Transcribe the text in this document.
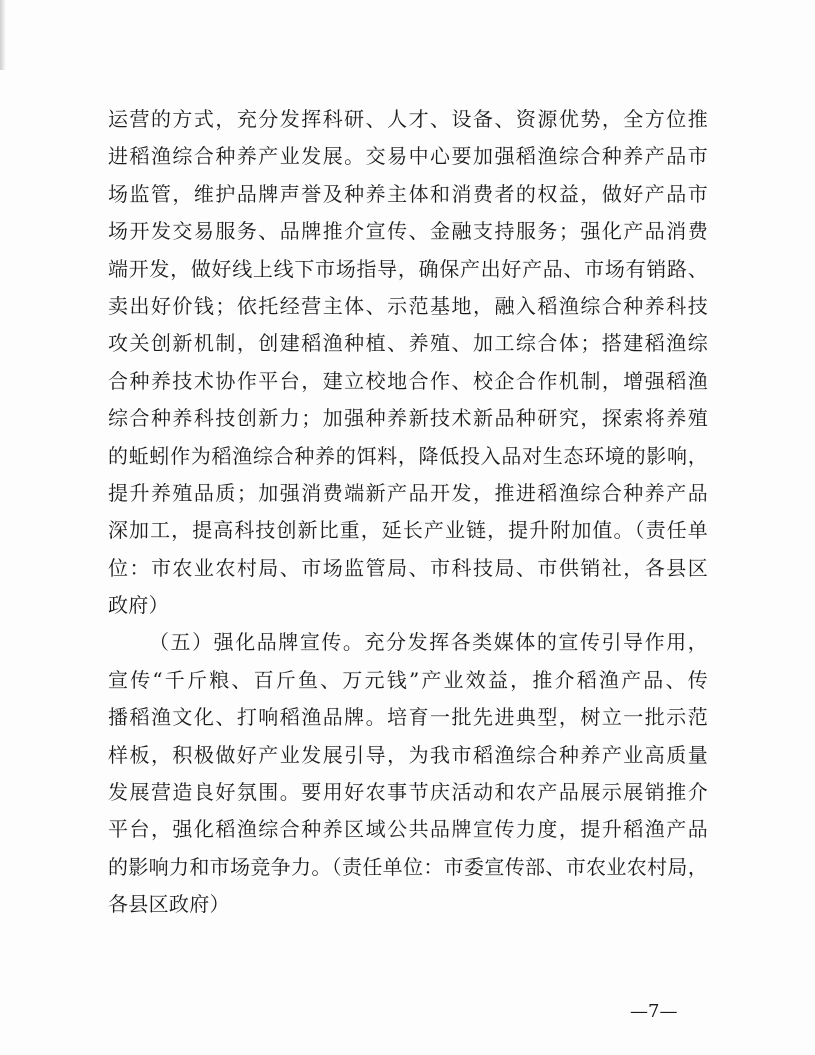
运营的方式，充分发挥科研、人才、设备、资源优势，全方位推
进稻渔综合种养产业发展。交易中心要加强稻渔综合种养产品市
场监管，维护品牌声誉及种养主体和消费者的权益，做好产品市
场开发交易服务、品牌推介宣传、金融支持服务；强化产品消费
端开发，做好线上线下市场指导，确保产出好产品、市场有销路、
卖出好价钱；依托经营主体、示范基地，融入稻渔综合种养科技
攻关创新机制，创建稻渔种植、养殖、加工综合体；搭建稻渔综
合种养技术协作平台，建立校地合作、校企合作机制，增强稻渔
综合种养科技创新力；加强种养新技术新品种研究，探索将养殖
的蚯蚓作为稻渔综合种养的饵料，降低投入品对生态环境的影响，
提升养殖品质；加强消费端新产品开发，推进稻渔综合种养产品
深加工，提高科技创新比重，延长产业链，提升附加值。（责任单
位：市农业农村局、市场监管局、市科技局、市供销社，各县区
政府）
（五）强化品牌宣传。充分发挥各类媒体的宣传引导作用，
宣传“千斤粮、百斤鱼、万元钱”产业效益，推介稻渔产品、传
播稻渔文化、打响稻渔品牌。培育一批先进典型，树立一批示范
样板，积极做好产业发展引导，为我市稻渔综合种养产业高质量
发展营造良好氛围。要用好农事节庆活动和农产品展示展销推介
平台，强化稻渔综合种养区域公共品牌宣传力度，提升稻渔产品
的影响力和市场竞争力。（责任单位：市委宣传部、市农业农村局，
各县区政府）
—7—
